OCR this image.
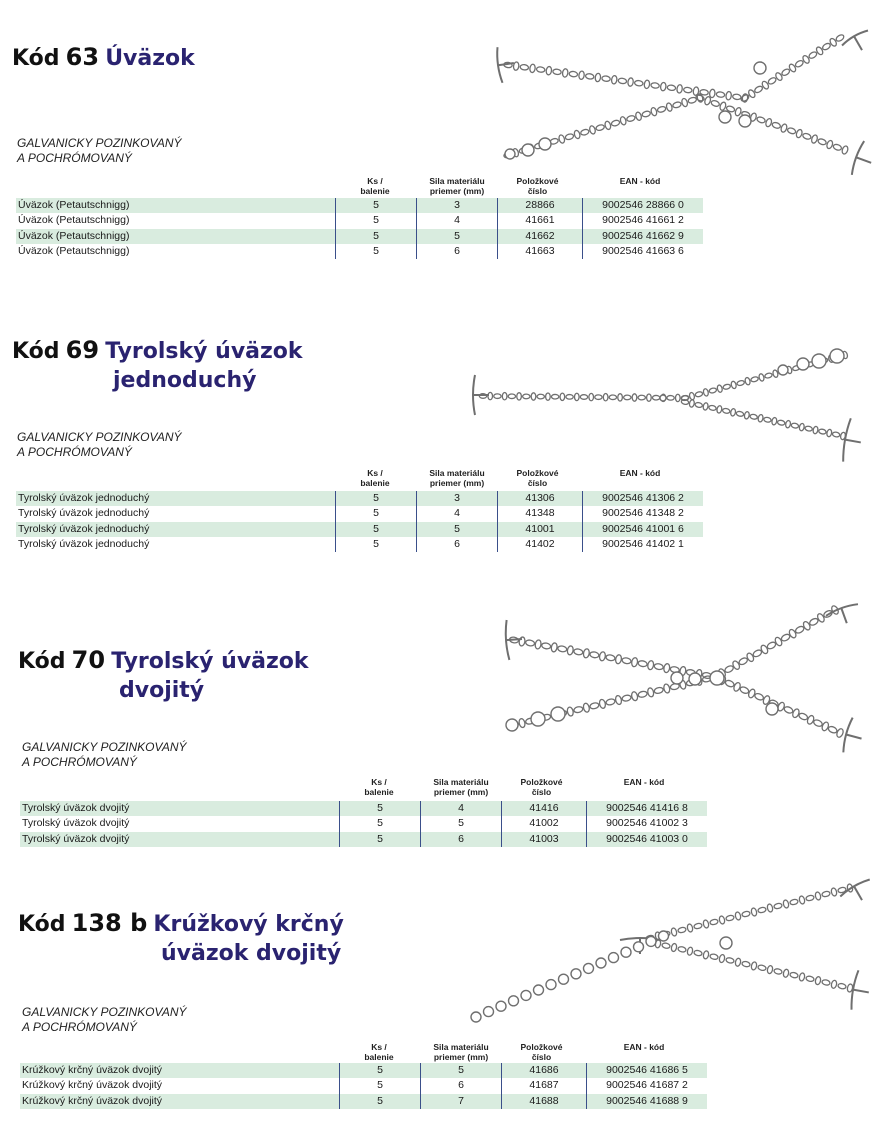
Kód 63 Úväzok
GALVANICKY POZINKOVANÝ
A POCHRÓMOVANÝ
Ks /
balenie
Sila materiálu
priemer (mm)
Položkové
číslo
EAN - kód
Úväzok (Petautschnigg)	5	3	28866	9002546 28866 0
Úväzok (Petautschnigg)	5	4	41661	9002546 41661 2
Úväzok (Petautschnigg)	5	5	41662	9002546 41662 9
Úväzok (Petautschnigg)	5	6	41663	9002546 41663 6
Kód 69 Tyrolský úväzok
jednoduchý
GALVANICKY POZINKOVANÝ
A POCHRÓMOVANÝ
Ks /
balenie
Sila materiálu
priemer (mm)
Položkové
číslo
EAN - kód
Tyrolský úväzok jednoduchý	5	3	41306	9002546 41306 2
Tyrolský úväzok jednoduchý	5	4	41348	9002546 41348 2
Tyrolský úväzok jednoduchý	5	5	41001	9002546 41001 6
Tyrolský úväzok jednoduchý	5	6	41402	9002546 41402 1
Kód 70 Tyrolský úväzok
dvojitý
GALVANICKY POZINKOVANÝ
A POCHRÓMOVANÝ
Ks /
balenie
Sila materiálu
priemer (mm)
Položkové
číslo
EAN - kód
Tyrolský úväzok dvojitý	5	4	41416	9002546 41416 8
Tyrolský úväzok dvojitý	5	5	41002	9002546 41002 3
Tyrolský úväzok dvojitý	5	6	41003	9002546 41003 0
Kód 138 b Krúžkový krčný
úväzok dvojitý
GALVANICKY POZINKOVANÝ
A POCHRÓMOVANÝ
Ks /
balenie
Sila materiálu
priemer (mm)
Položkové
číslo
EAN - kód
Krúžkový krčný úväzok dvojitý	5	5	41686	9002546 41686 5
Krúžkový krčný úväzok dvojitý	5	6	41687	9002546 41687 2
Krúžkový krčný úväzok dvojitý	5	7	41688	9002546 41688 9
